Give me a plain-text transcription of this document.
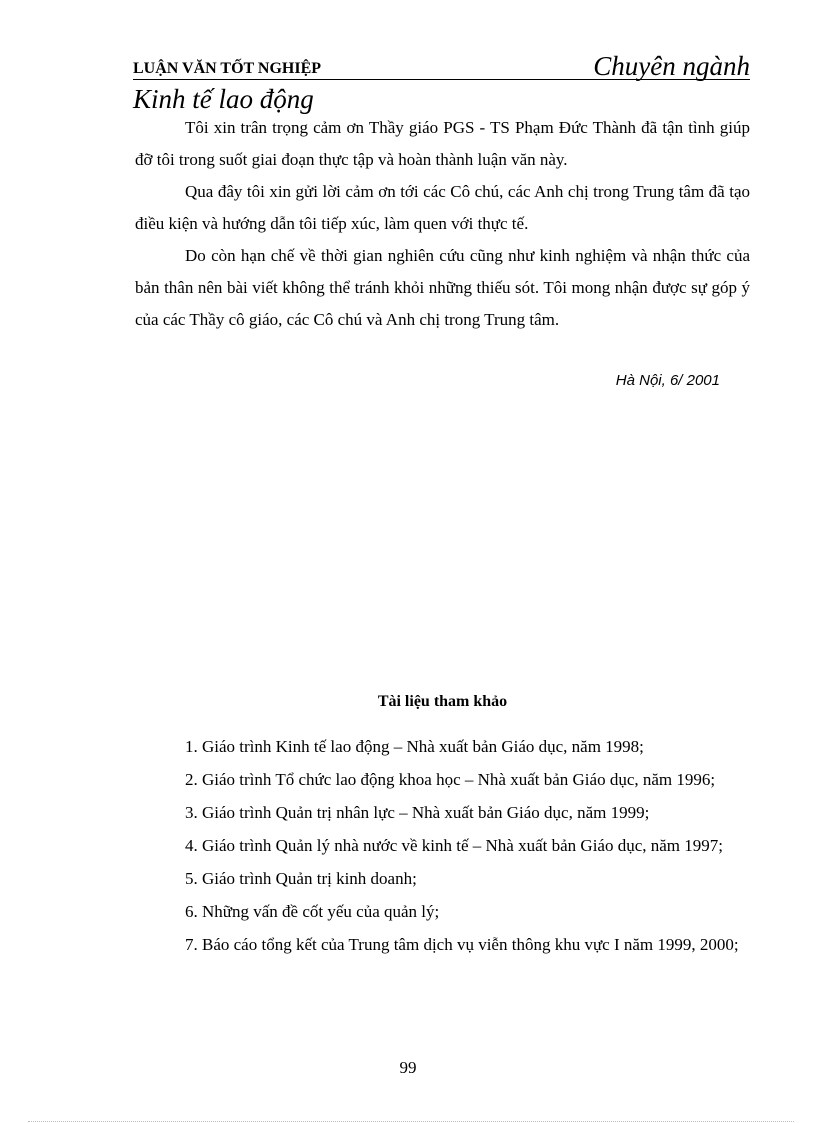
LUẬN VĂN TỐT NGHIỆP	Chuyên ngành
Kinh tế lao động

Tôi xin trân trọng cảm ơn Thầy giáo PGS - TS Phạm Đức Thành đã tận tình giúp đỡ tôi trong suốt giai đoạn thực tập và hoàn thành luận văn này.

Qua đây tôi xin gửi lời cảm ơn tới các Cô chú, các Anh chị trong Trung tâm đã tạo điều kiện và hướng dẫn tôi tiếp xúc, làm quen với thực tế.

Do còn hạn chế về thời gian nghiên cứu cũng như kinh nghiệm và nhận thức của bản thân nên bài viết không thể tránh khỏi những thiếu sót. Tôi mong nhận được sự góp ý của các Thầy cô giáo, các Cô chú và Anh chị trong Trung tâm.

Hà Nội, 6/ 2001
Tài liệu tham khảo

1. Giáo trình Kinh tế lao động – Nhà xuất bản Giáo dục, năm 1998;

2. Giáo trình Tổ chức lao động khoa học – Nhà xuất bản Giáo dục, năm 1996;

3. Giáo trình Quản trị nhân lực – Nhà xuất bản Giáo dục, năm 1999;

4. Giáo trình Quản lý nhà nước về kinh tế – Nhà xuất bản Giáo dục, năm 1997;

5. Giáo trình Quản trị kinh doanh;

6. Những vấn đề cốt yếu của quản lý;

7. Báo cáo tổng kết của Trung tâm dịch vụ viễn thông khu vực I năm 1999, 2000;

99
